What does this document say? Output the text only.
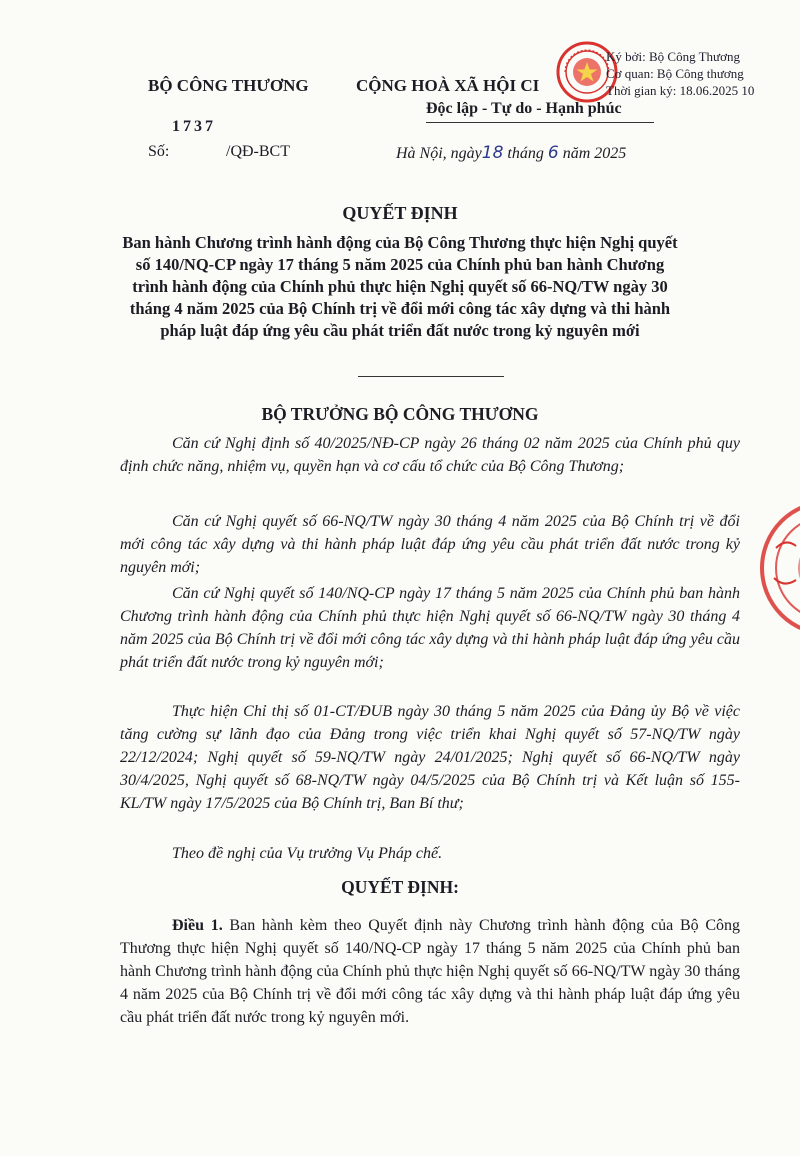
BỘ CÔNG THƯƠNG	CỘNG HOÀ XÃ HỘI CI
Độc lập - Tự do - Hạnh phúc
1737
Số:	/QĐ-BCT	Hà Nội, ngày18 tháng 6 năm 2025
Ký bởi: Bộ Công Thương
Cơ quan: Bộ Công thương
Thời gian ký: 18.06.2025 10
QUYẾT ĐỊNH
Ban hành Chương trình hành động của Bộ Công Thương thực hiện Nghị quyết số 140/NQ-CP ngày 17 tháng 5 năm 2025 của Chính phủ ban hành Chương trình hành động của Chính phủ thực hiện Nghị quyết số 66-NQ/TW ngày 30 tháng 4 năm 2025 của Bộ Chính trị về đổi mới công tác xây dựng và thi hành pháp luật đáp ứng yêu cầu phát triển đất nước trong kỷ nguyên mới
BỘ TRƯỞNG BỘ CÔNG THƯƠNG
Căn cứ Nghị định số 40/2025/NĐ-CP ngày 26 tháng 02 năm 2025 của Chính phủ quy định chức năng, nhiệm vụ, quyền hạn và cơ cấu tổ chức của Bộ Công Thương;
Căn cứ Nghị quyết số 66-NQ/TW ngày 30 tháng 4 năm 2025 của Bộ Chính trị về đổi mới công tác xây dựng và thi hành pháp luật đáp ứng yêu cầu phát triển đất nước trong kỷ nguyên mới;
Căn cứ Nghị quyết số 140/NQ-CP ngày 17 tháng 5 năm 2025 của Chính phủ ban hành Chương trình hành động của Chính phủ thực hiện Nghị quyết số 66-NQ/TW ngày 30 tháng 4 năm 2025 của Bộ Chính trị về đổi mới công tác xây dựng và thi hành pháp luật đáp ứng yêu cầu phát triển đất nước trong kỷ nguyên mới;
Thực hiện Chỉ thị số 01-CT/ĐUB ngày 30 tháng 5 năm 2025 của Đảng ủy Bộ về việc tăng cường sự lãnh đạo của Đảng trong việc triển khai Nghị quyết số 57-NQ/TW ngày 22/12/2024; Nghị quyết số 59-NQ/TW ngày 24/01/2025; Nghị quyết số 66-NQ/TW ngày 30/4/2025, Nghị quyết số 68-NQ/TW ngày 04/5/2025 của Bộ Chính trị và Kết luận số 155-KL/TW ngày 17/5/2025 của Bộ Chính trị, Ban Bí thư;
Theo đề nghị của Vụ trưởng Vụ Pháp chế.
QUYẾT ĐỊNH:
Điều 1. Ban hành kèm theo Quyết định này Chương trình hành động của Bộ Công Thương thực hiện Nghị quyết số 140/NQ-CP ngày 17 tháng 5 năm 2025 của Chính phủ ban hành Chương trình hành động của Chính phủ thực hiện Nghị quyết số 66-NQ/TW ngày 30 tháng 4 năm 2025 của Bộ Chính trị về đổi mới công tác xây dựng và thi hành pháp luật đáp ứng yêu cầu phát triển đất nước trong kỷ nguyên mới.
